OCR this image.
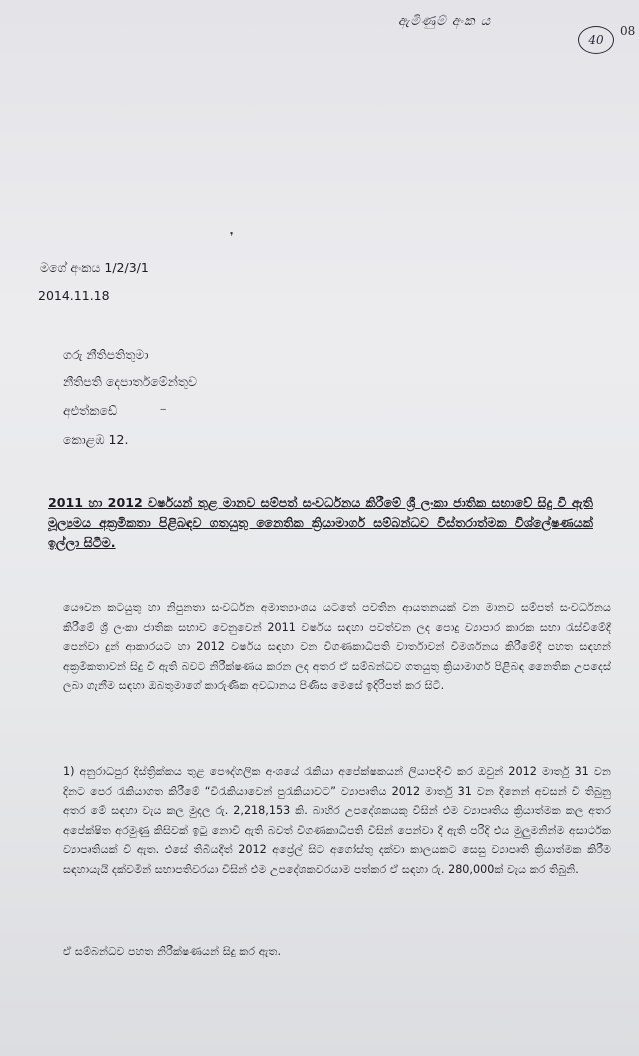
ඇමිණුම් අංක ය
40
08
❜
මගේ අංකය 1/2/3/1
2014.11.18
ගරු නීතිපතිතුමා
නීතිපති දෙපාර්තමේන්තුව
අළුත්කඩේ	‒
කොළඹ 12.
2011 හා 2012 වර්ෂයන් තුළ මානව සම්පත් සංවර්ධනය කිරීමේ ශ්‍රී ලංකා ජාතික සභාවේ සිදු වී ඇති මූල්‍යමය අක්‍රමිකතා පිළිබඳව ගතයුතු නෛතික ක්‍රියාමාර්ග සම්බන්ධව විස්තරාත්මක විශ්ලේෂණයක් ඉල්ලා සිටීම.
යෞවන කටයුතු හා නිපුනතා සංවර්ධන අමාත්‍යාංශය යටතේ පවතින ආයතනයක් වන මානව සම්පත් සංවර්ධනය කිරීමේ ශ්‍රී ලංකා ජාතික සභාව වෙනුවෙන් 2011 වර්ෂය සඳහා පවත්වන ලද පොදු ව්‍යාපාර කාරක සභා රැස්වීමේදී පෙන්වා දුන් ආකාරයට හා 2012 වර්ෂය සඳහා වන විගණකාධිපති වාර්තාවන් විමර්ශනය කිරීමේදී පහත සඳහන් අක්‍රමිකතාවන් සිදු වී ඇති බවට නිරීක්ෂණය කරන ලද අතර ඒ සම්බන්ධව ගතයුතු ක්‍රියාමාර්ග පිළිබඳ නෛතික උපදෙස් ලබා ගැනීම සඳහා ඔබතුමාගේ කාරුණික අවධානය පිණිස මෙසේ ඉදිරිපත් කර සිටී.
1) අනුරාධපුර දිස්ත්‍රික්කය තුළ පෞද්ගලික අංශයේ රැකියා අපේක්ෂකයන් ලියාපදිංචි කර ඔවුන් 2012 මාර්තු 31 වන දිනට පෙර රැකියාගත කිරීමේ “විරැකියාවෙන් පුරැකියාවට” ව්‍යාපෘතිය 2012 මාර්තු 31 වන දිනෙන් අවසන් වී තිබුනු අතර මේ සඳහා වැය කල මුදල රු. 2,218,153 කි. බාහිර උපදේශකයකු විසින් එම ව්‍යාපෘතිය ක්‍රියාත්මක කල අතර අපේක්ෂිත අරමුණු කිසිවක් ඉටු නොවී ඇති බවත් විගණකාධිපති විසින් පෙන්වා දී ඇති පරිදි එය මුලුමනින්ම අසාර්ථක ව්‍යාපෘතියක් වී ඇත. එසේ තිබියදීත් 2012 අප්‍රේල් සිට අගෝස්තු දක්වා කාලයකට සෙසු ව්‍යාපෘති ක්‍රියාත්මක කිරීම සඳහායැයි දක්වමින් සභාපතිවරයා විසින් එම උපදේශකවරයාම පත්කර ඒ සඳහා රු. 280,000ක් වැය කර තිබුනි.
ඒ සම්බන්ධව පහත නිරීක්ෂණයන් සිදු කර ඇත.
